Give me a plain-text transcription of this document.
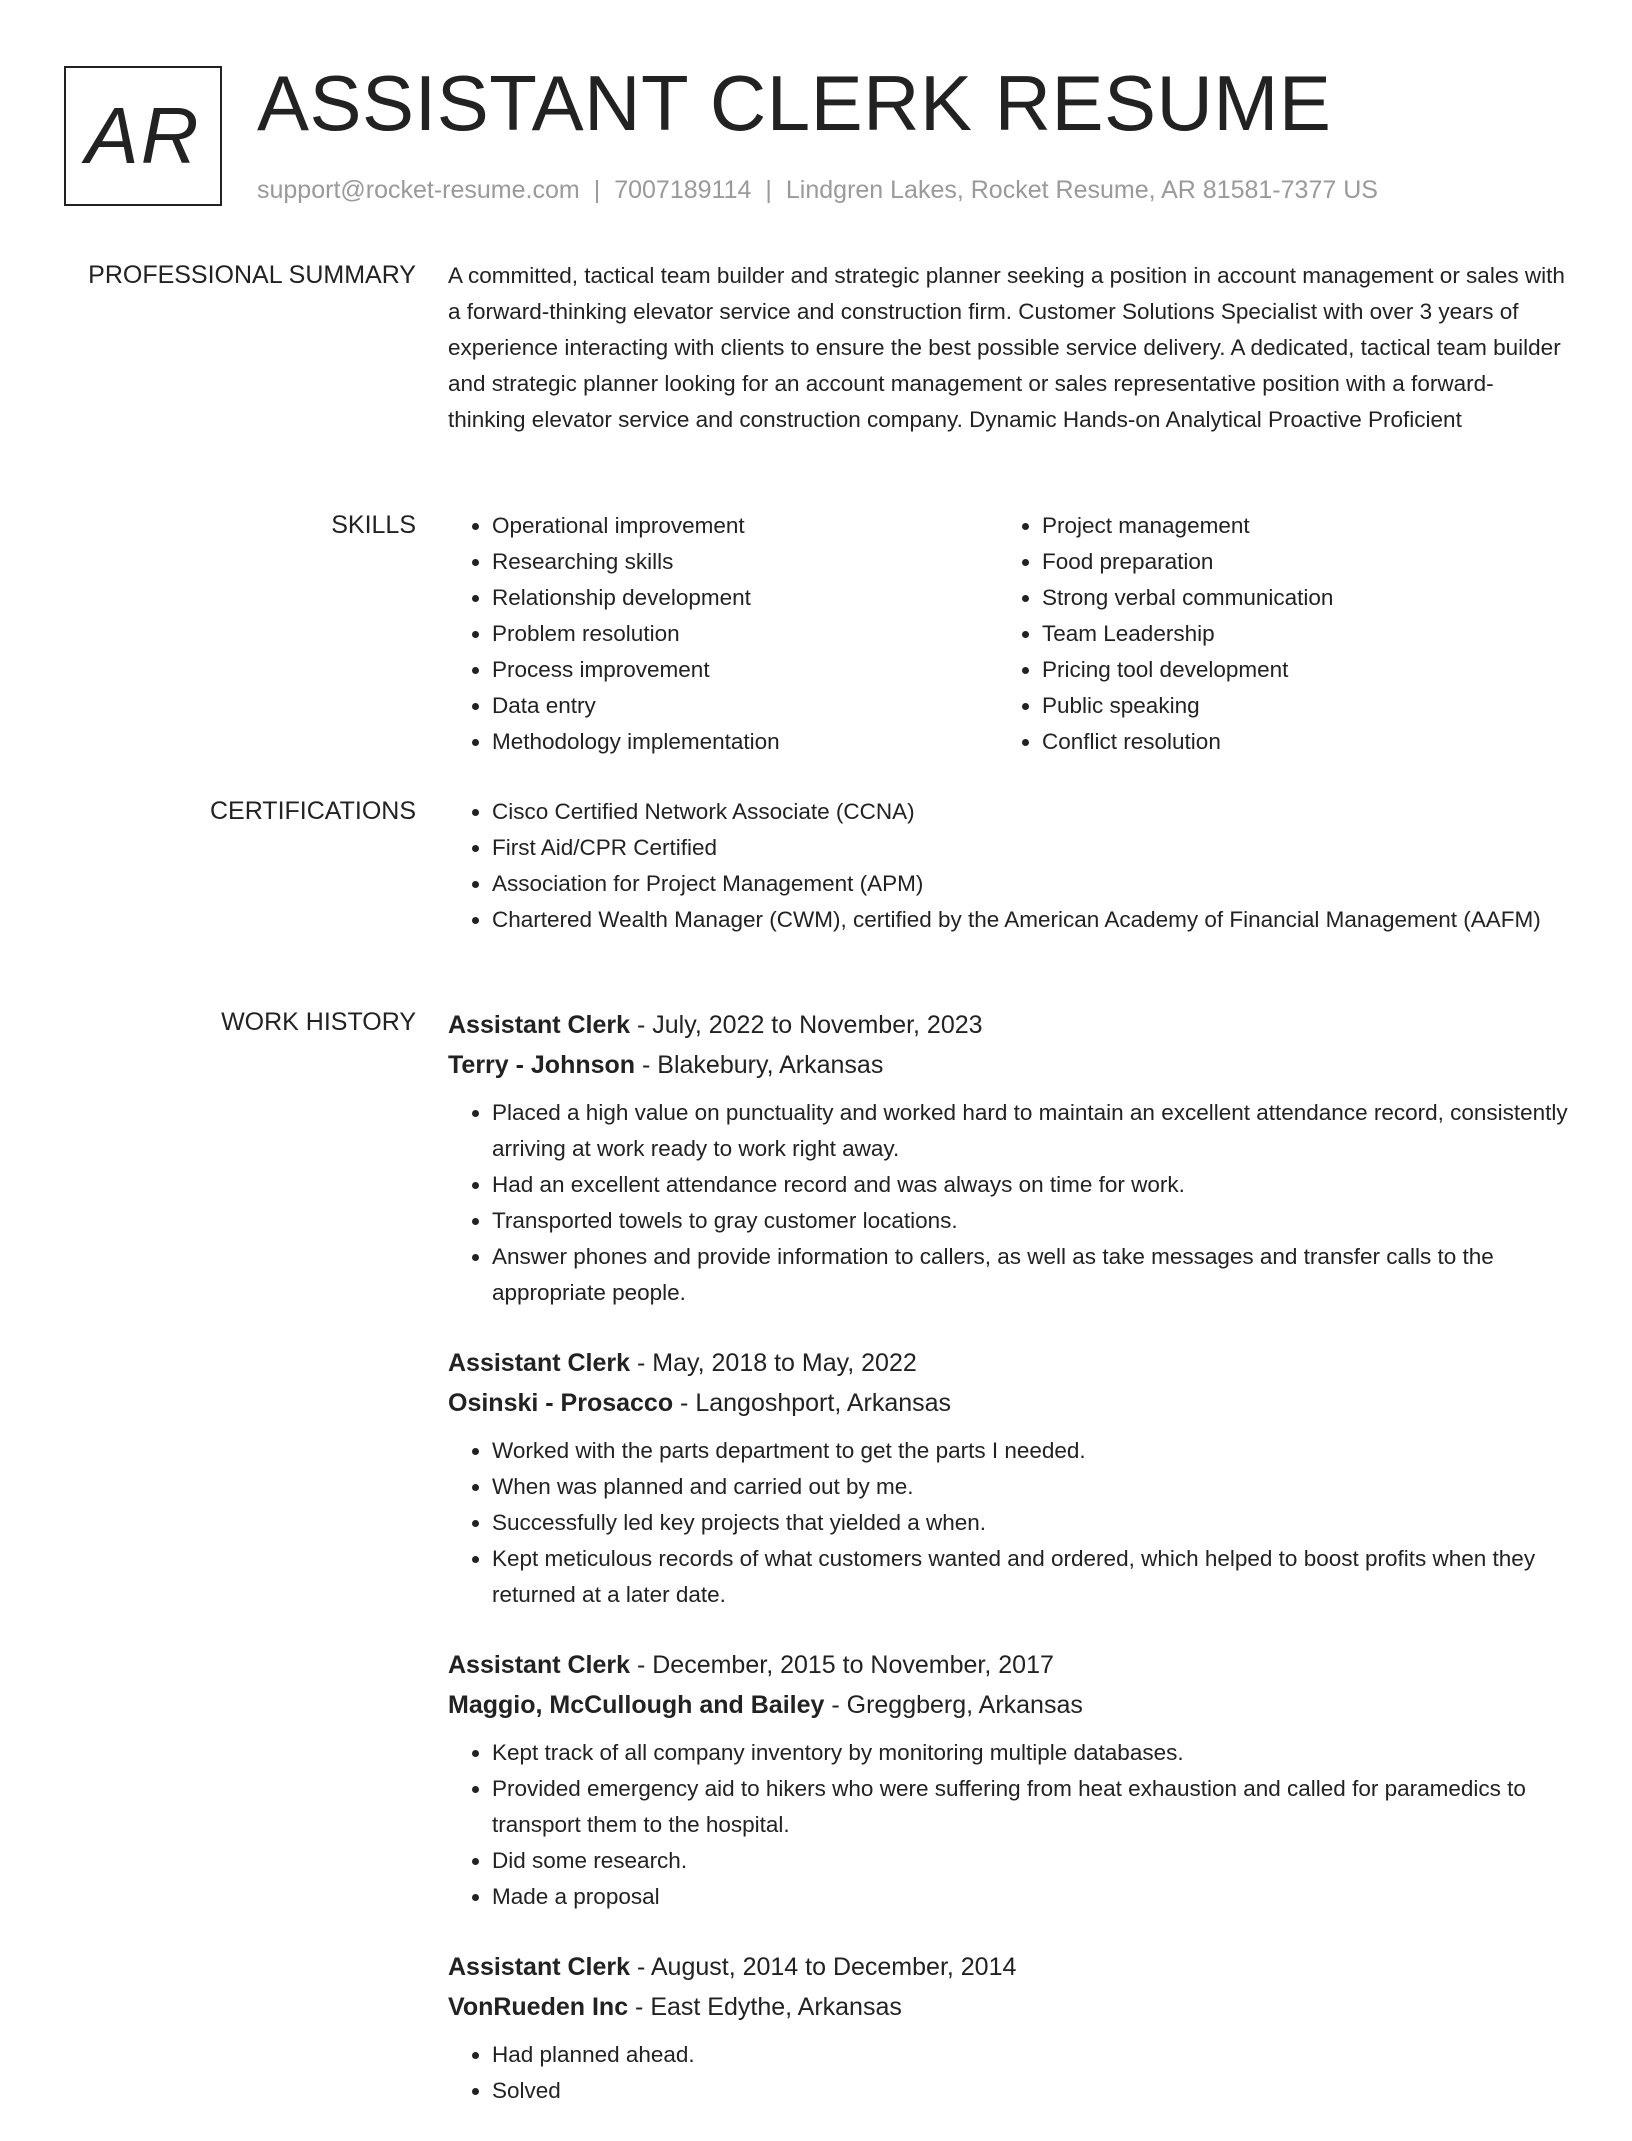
AR ASSISTANT CLERK RESUME
support@rocket-resume.com | 7007189114 | Lindgren Lakes, Rocket Resume, AR 81581-7377 US
PROFESSIONAL SUMMARY A committed, tactical team builder and strategic planner seeking a position in account management or sales with a forward-thinking elevator service and construction firm. Customer Solutions Specialist with over 3 years of experience interacting with clients to ensure the best possible service delivery. A dedicated, tactical team builder and strategic planner looking for an account management or sales representative position with a forward-thinking elevator service and construction company. Dynamic Hands-on Analytical Proactive Proficient

SKILLS	• Operational improvement
• Researching skills
• Relationship development
• Problem resolution
• Process improvement
• Data entry
• Methodology implementation
• Project management
• Food preparation
• Strong verbal communication
• Team Leadership
• Pricing tool development
• Public speaking
• Conflict resolution
CERTIFICATIONS	• Cisco Certified Network Associate (CCNA)
• First Aid/CPR Certified
• Association for Project Management (APM)
• Chartered Wealth Manager (CWM), certified by the American Academy of Financial Management (AAFM)
WORK HISTORY Assistant Clerk - July, 2022 to November, 2023
Terry - Johnson - Blakebury, Arkansas
• Placed a high value on punctuality and worked hard to maintain an excellent attendance record, consistently arriving at work ready to work right away.
• Had an excellent attendance record and was always on time for work.
• Transported towels to gray customer locations.
• Answer phones and provide information to callers, as well as take messages and transfer calls to the appropriate people.
Assistant Clerk - May, 2018 to May, 2022
Osinski - Prosacco - Langoshport, Arkansas
• Worked with the parts department to get the parts I needed.
• When was planned and carried out by me.
• Successfully led key projects that yielded a when.
• Kept meticulous records of what customers wanted and ordered, which helped to boost profits when they returned at a later date.
Assistant Clerk - December, 2015 to November, 2017
Maggio, McCullough and Bailey - Greggberg, Arkansas
• Kept track of all company inventory by monitoring multiple databases.
• Provided emergency aid to hikers who were suffering from heat exhaustion and called for paramedics to transport them to the hospital.
• Did some research.
• Made a proposal
Assistant Clerk - August, 2014 to December, 2014
VonRueden Inc - East Edythe, Arkansas
• Had planned ahead.
• Solved
